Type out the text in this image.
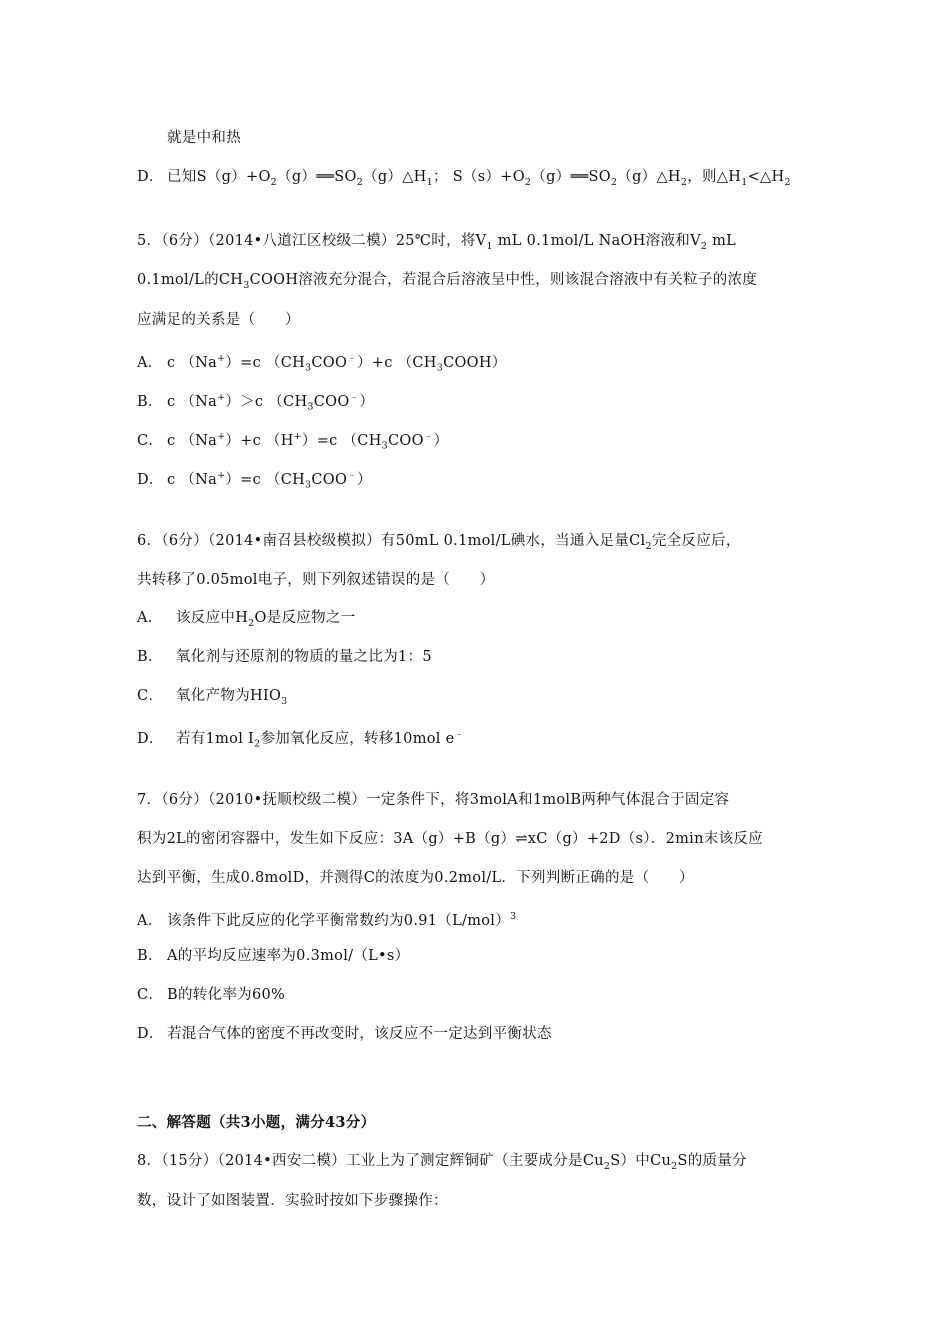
就是中和热
D． 已知$S(g)+O_2(g)══SO_2(g)\triangle H_1$； $S(s)+O_2(g)══SO_2(g)\triangle H_2$，则$\triangle H_1<\triangle H_2$
5．（6分）（2014•八道江区校级二模）25℃时，将$V_1$ mL 0.1mol/L NaOH溶液和$V_2$ mL
0.1mol/L的$CH_3COOH$溶液充分混合，若混合后溶液呈中性，则该混合溶液中有关粒子的浓度
应满足的关系是（　　）
A． c （Na+）=c $(CH_3COO^﹣)+c$ $(CH_3COOH)$
B． c （Na+）＞c $(CH_3COO^﹣)$
C． c （Na+）+c （H+）=c $(CH_3COO^﹣)$
D． c （Na+）=c $(CH_3COO^﹣)$
6．（6分）（2014•南召县校级模拟）有50mL 0.1mol/L碘水，当通入足量$Cl_2$完全反应后，
共转移了0.05mol电子，则下列叙述错误的是（　　）
A． 该反应中$H_2O$是反应物之一
B． 氧化剂与还原剂的物质的量之比为1：5
C． 氧化产物为$HIO_3$
D． 若有1mol $I_2$参加氧化反应，转移10mol e﹣
7．（6分）（2010•抚顺校级二模）一定条件下，将3molA和1molB两种气体混合于固定容
积为2L的密闭容器中，发生如下反应：3A（g）+B（g）⇌xC（g）+2D（s）．2min末该反应
达到平衡，生成0.8molD，并测得C的浓度为0.2mol/L．下列判断正确的是（　　）
A． 该条件下此反应的化学平衡常数约为$0.91(L/mol)^3$
B． A的平均反应速率为0.3mol/（L•s）
C． B的转化率为60%
D． 若混合气体的密度不再改变时，该反应不一定达到平衡状态
二、解答题（共3小题，满分43分）
8．（15分）（2014•西安二模）工业上为了测定辉铜矿（主要成分是$Cu_2S$）中$Cu_2S$的质量分
数，设计了如图装置．实验时按如下步骤操作：
